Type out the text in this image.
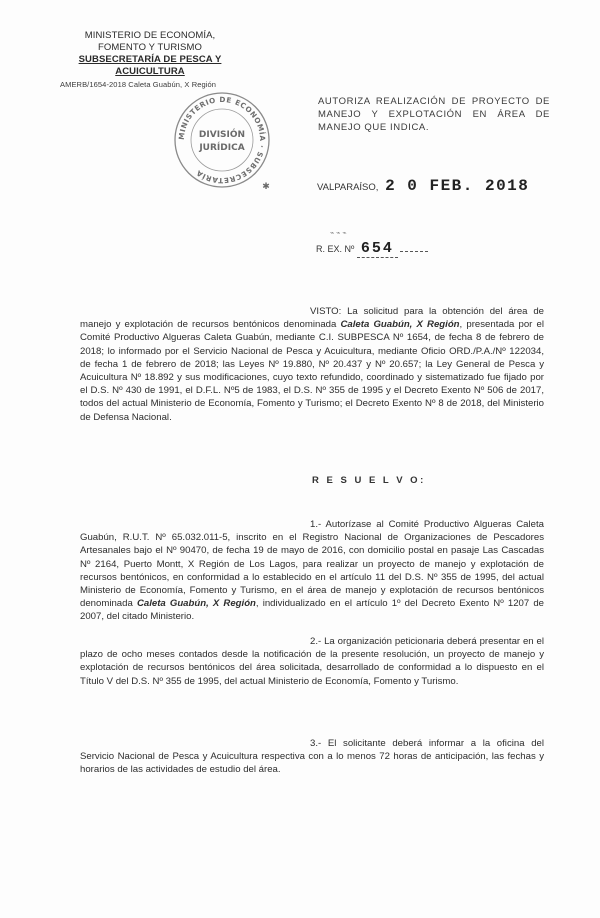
MINISTERIO DE ECONOMÍA,
FOMENTO Y TURISMO
SUBSECRETARÍA DE PESCA Y ACUICULTURA
AMERB/1654-2018 Caleta Guabún, X Región
MINISTERIO DE ECONOMÍA · SUBSECRETARÍA
DIVISIÓN
JURÍDICA
✱
AUTORIZA REALIZACIÓN DE PROYECTO DE MANEJO Y EXPLOTACIÓN EN ÁREA DE MANEJO QUE INDICA.
VALPARAÍSO, 2 0 FEB. 2018
⌁ ⌁ ⌁
R. EX. Nº 654
VISTO: La solicitud para la obtención del área de manejo y explotación de recursos bentónicos denominada Caleta Guabún, X Región, presentada por el Comité Productivo Algueras Caleta Guabún, mediante C.I. SUBPESCA Nº 1654, de fecha 8 de febrero de 2018; lo informado por el Servicio Nacional de Pesca y Acuicultura, mediante Oficio ORD./P.A./Nº 122034, de fecha 1 de febrero de 2018; las Leyes Nº 19.880, Nº 20.437 y Nº 20.657; la Ley General de Pesca y Acuicultura Nº 18.892 y sus modificaciones, cuyo texto refundido, coordinado y sistematizado fue fijado por el D.S. Nº 430 de 1991, el D.F.L. Nº5 de 1983, el D.S. Nº 355 de 1995 y el Decreto Exento Nº 506 de 2017, todos del actual Ministerio de Economía, Fomento y Turismo; el Decreto Exento Nº 8 de 2018, del Ministerio de Defensa Nacional.
R E S U E L V O:
1.- Autorízase al Comité Productivo Algueras Caleta Guabún, R.U.T. Nº 65.032.011-5, inscrito en el Registro Nacional de Organizaciones de Pescadores Artesanales bajo el Nº 90470, de fecha 19 de mayo de 2016, con domicilio postal en pasaje Las Cascadas Nº 2164, Puerto Montt, X Región de Los Lagos, para realizar un proyecto de manejo y explotación de recursos bentónicos, en conformidad a lo establecido en el artículo 11 del D.S. Nº 355 de 1995, del actual Ministerio de Economía, Fomento y Turismo, en el área de manejo y explotación de recursos bentónicos denominada Caleta Guabún, X Región, individualizado en el artículo 1º del Decreto Exento Nº 1207 de 2007, del citado Ministerio.
2.- La organización peticionaria deberá presentar en el plazo de ocho meses contados desde la notificación de la presente resolución, un proyecto de manejo y explotación de recursos bentónicos del área solicitada, desarrollado de conformidad a lo dispuesto en el Título V del D.S. Nº 355 de 1995, del actual Ministerio de Economía, Fomento y Turismo.
3.- El solicitante deberá informar a la oficina del Servicio Nacional de Pesca y Acuicultura respectiva con a lo menos 72 horas de anticipación, las fechas y horarios de las actividades de estudio del área.
